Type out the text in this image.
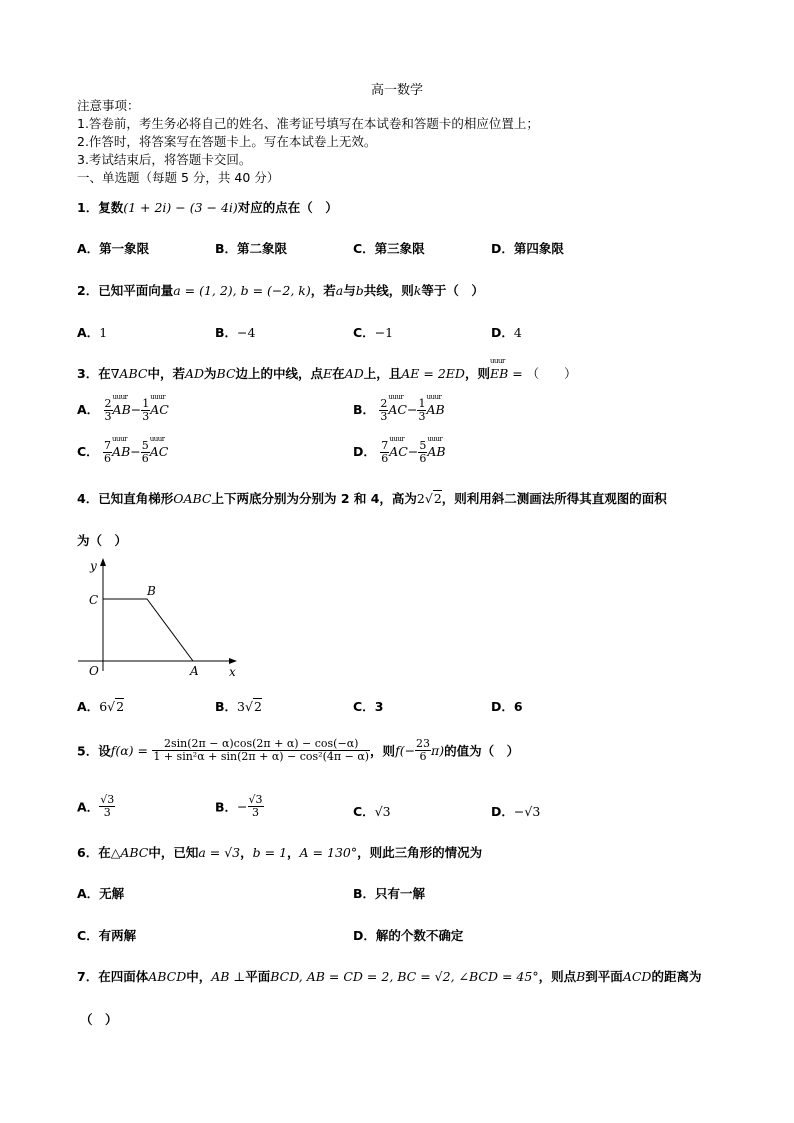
高一数学
注意事项：
1.答卷前，考生务必将自己的姓名、准考证号填写在本试卷和答题卡的相应位置上；
2.作答时，将答案写在答题卡上。写在本试卷上无效。
3.考试结束后，将答题卡交回。
一、单选题（每题 5 分，共 40 分）
1．复数(1 + 2i) − (3 − 4i)对应的点在（　）
A．第一象限	B．第二象限	C．第三象限	D．第四象限
2．已知平面向量a = (1, 2), b = (−2, k)，若a与b共线，则k等于（　）
A．1	B．−4	C．−1	D．4
3．在∇ABC中，若AD为BC边上的中线，点E在AD上，且AE = 2ED，则uuur EB = （　　）
A． $\frac{2}{3}$ uuur $AB- \frac{1}{3}$ uuur AC	B． $\frac{2}{3}$ uuur $AC- \frac{1}{3}$ uuur AB
C． $\frac{7}{6}$ uuur $AB- \frac{5}{6}$ uuur AC	D． $\frac{7}{6}$ uuur $AC- \frac{5}{6}$ uuur AB
4．已知直角梯形OABC上下两底分别为分别为 2 和 4，高为2√2，则利用斜二测画法所得其直观图的面积
为（　）
y
x
O	A
B
C
A．6√2	B．3√2	C．3	D．6
5．设$f(\alpha) = \frac{2\sin(2\pi - \alpha)\cos(2\pi + \alpha) - \cos(-\alpha)}{\text{1 + sin²α + sin(2π + α) − cos²(4π − α)}}$ ，则$f(- \frac{23}{6} \pi)$的值为（　）
A． $\frac{√3}{3}$	B．− $\frac{√3}{3}$	C．√3	D．−√3
6．在△ABC中，已知a = √3，b = 1，A = 130°，则此三角形的情况为
A．无解	B．只有一解
C．有两解	D．解的个数不确定
7．在四面体ABCD中，AB ⊥平面BCD, AB = CD = 2, BC = √2, ∠BCD = 45°，则点B到平面ACD的距离为
（　）
